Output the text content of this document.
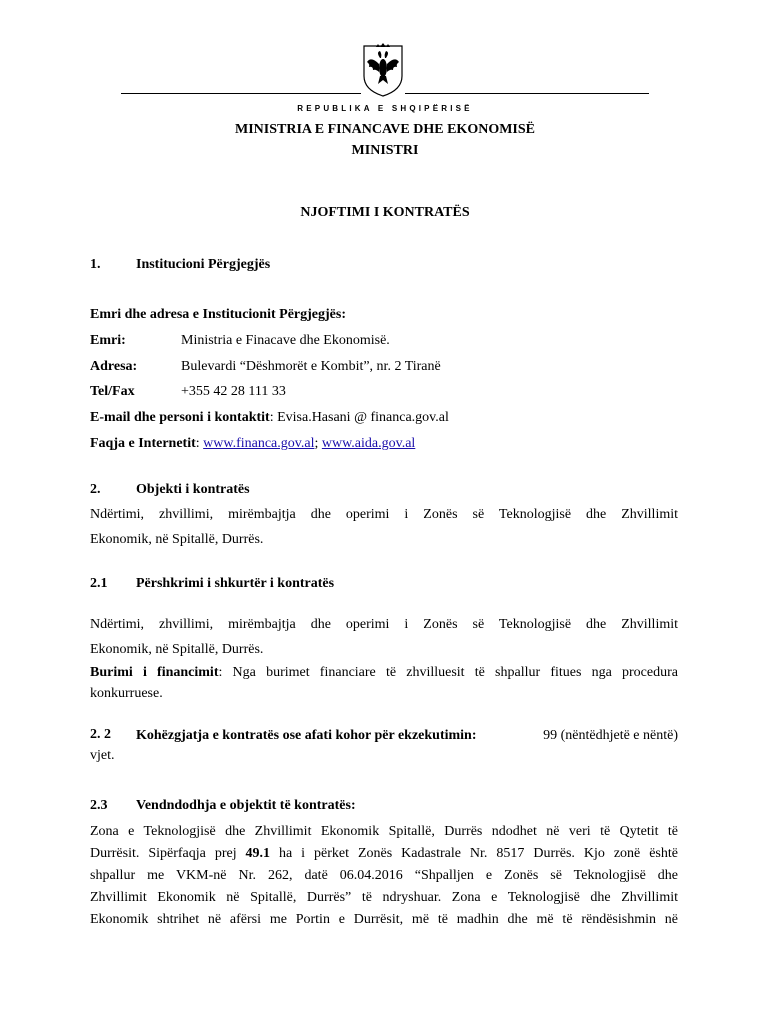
REPUBLIKA E SHQIPËRISË
MINISTRIA E FINANCAVE DHE EKONOMISË
MINISTRI
NJOFTIMI I KONTRATËS
1.	Institucioni Përgjegjës
Emri dhe adresa e Institucionit Përgjegjës:
Emri:	Ministria e Finacave dhe Ekonomisë.
Adresa:	Bulevardi “Dëshmorët e Kombit”, nr. 2 Tiranë
Tel/Fax	+355 42 28 111 33
E-mail dhe personi i kontaktit: Evisa.Hasani @ financa.gov.al
Faqja e Internetit: www.financa.gov.al; www.aida.gov.al
2.	Objekti i kontratës
Ndërtimi, zhvillimi, mirëmbajtja dhe operimi i Zonës së Teknologjisë dhe Zhvillimit
Ekonomik, në Spitallë, Durrës.
2.1 Përshkrimi i shkurtër i kontratës
Ndërtimi, zhvillimi, mirëmbajtja dhe operimi i Zonës së Teknologjisë dhe Zhvillimit
Ekonomik, në Spitallë, Durrës.
Burimi i financimit: Nga burimet financiare të zhvilluesit të shpallur fitues nga procedura
konkurruese.
2. 2 Kohëzgjatja e kontratës ose afati kohor për ekzekutimin:	99 (nëntëdhjetë e nëntë)
vjet.
2.3 Vendndodhja e objektit të kontratës:
Zona e Teknologjisë dhe Zhvillimit Ekonomik Spitallë, Durrës ndodhet në veri të Qytetit të
Durrësit. Sipërfaqja prej 49.1 ha i përket Zonës Kadastrale Nr. 8517 Durrës. Kjo zonë është
shpallur me VKM-në Nr. 262, datë 06.04.2016 “Shpalljen e Zonës së Teknologjisë dhe
Zhvillimit Ekonomik në Spitallë, Durrës” të ndryshuar. Zona e Teknologjisë dhe Zhvillimit
Ekonomik shtrihet në afërsi me Portin e Durrësit, më të madhin dhe më të rëndësishmin në
